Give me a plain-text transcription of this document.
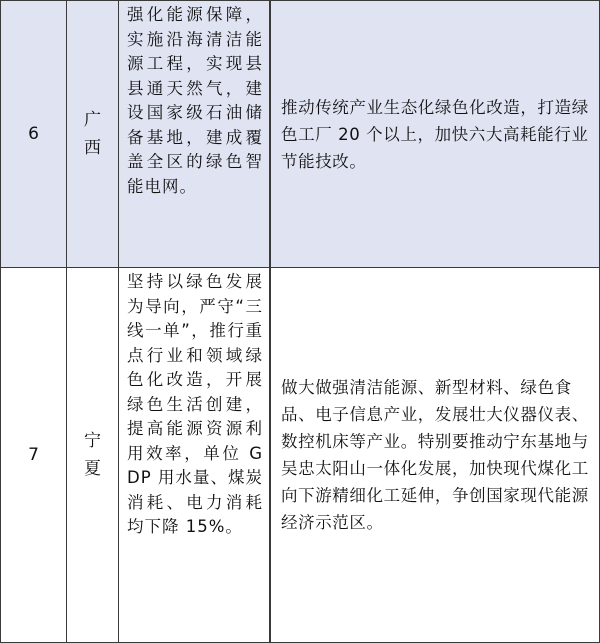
6
广西
强化能源保障，实施沿海清洁能源工程，实现县县通天然气，建设国家级石油储备基地，建成覆盖全区的绿色智能电网。
推动传统产业生态化绿色化改造，打造绿色工厂 20 个以上，加快六大高耗能行业节能技改。
7
宁夏
坚持以绿色发展为导向，严守“三线一单”，推行重点行业和领域绿色化改造，开展绿色生活创建，提高能源资源利用效率，单位 GDP 用水量、煤炭消耗、电力消耗均下降 15%。
做大做强清洁能源、新型材料、绿色食品、电子信息产业，发展壮大仪器仪表、数控机床等产业。特别要推动宁东基地与吴忠太阳山一体化发展，加快现代煤化工向下游精细化工延伸，争创国家现代能源经济示范区。
